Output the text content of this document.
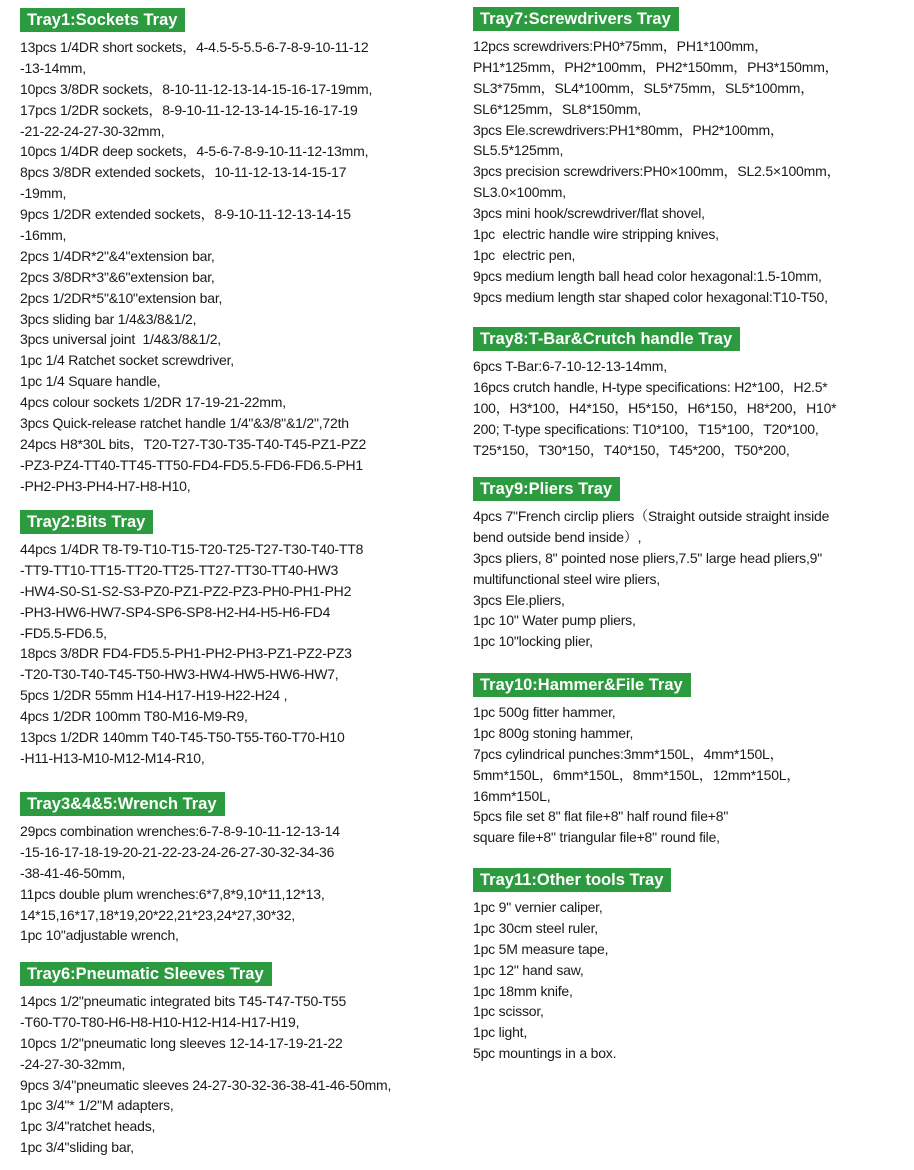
Tray1:Sockets Tray
13pcs 1/4DR short sockets，4-4.5-5-5.5-6-7-8-9-10-11-12
-13-14mm,
10pcs 3/8DR sockets，8-10-11-12-13-14-15-16-17-19mm,
17pcs 1/2DR sockets，8-9-10-11-12-13-14-15-16-17-19
-21-22-24-27-30-32mm,
10pcs 1/4DR deep sockets，4-5-6-7-8-9-10-11-12-13mm,
8pcs 3/8DR extended sockets，10-11-12-13-14-15-17
-19mm,
9pcs 1/2DR extended sockets，8-9-10-11-12-13-14-15
-16mm,
2pcs 1/4DR*2"&4"extension bar,
2pcs 3/8DR*3"&6"extension bar,
2pcs 1/2DR*5"&10"extension bar,
3pcs sliding bar 1/4&3/8&1/2,
3pcs universal joint  1/4&3/8&1/2,
1pc 1/4 Ratchet socket screwdriver,
1pc 1/4 Square handle,
4pcs colour sockets 1/2DR 17-19-21-22mm,
3pcs Quick-release ratchet handle 1/4"&3/8"&1/2",72th
24pcs H8*30L bits，T20-T27-T30-T35-T40-T45-PZ1-PZ2
-PZ3-PZ4-TT40-TT45-TT50-FD4-FD5.5-FD6-FD6.5-PH1
-PH2-PH3-PH4-H7-H8-H10,
Tray2:Bits Tray
44pcs 1/4DR T8-T9-T10-T15-T20-T25-T27-T30-T40-TT8
-TT9-TT10-TT15-TT20-TT25-TT27-TT30-TT40-HW3
-HW4-S0-S1-S2-S3-PZ0-PZ1-PZ2-PZ3-PH0-PH1-PH2
-PH3-HW6-HW7-SP4-SP6-SP8-H2-H4-H5-H6-FD4
-FD5.5-FD6.5,
18pcs 3/8DR FD4-FD5.5-PH1-PH2-PH3-PZ1-PZ2-PZ3
-T20-T30-T40-T45-T50-HW3-HW4-HW5-HW6-HW7,
5pcs 1/2DR 55mm H14-H17-H19-H22-H24 ,
4pcs 1/2DR 100mm T80-M16-M9-R9,
13pcs 1/2DR 140mm T40-T45-T50-T55-T60-T70-H10
-H11-H13-M10-M12-M14-R10,
Tray3&4&5:Wrench Tray
29pcs combination wrenches:6-7-8-9-10-11-12-13-14
-15-16-17-18-19-20-21-22-23-24-26-27-30-32-34-36
-38-41-46-50mm,
11pcs double plum wrenches:6*7,8*9,10*11,12*13,
14*15,16*17,18*19,20*22,21*23,24*27,30*32,
1pc 10"adjustable wrench,
Tray6:Pneumatic Sleeves Tray
14pcs 1/2"pneumatic integrated bits T45-T47-T50-T55
-T60-T70-T80-H6-H8-H10-H12-H14-H17-H19,
10pcs 1/2"pneumatic long sleeves 12-14-17-19-21-22
-24-27-30-32mm,
9pcs 3/4"pneumatic sleeves 24-27-30-32-36-38-41-46-50mm,
1pc 3/4"* 1/2"M adapters,
1pc 3/4"ratchet heads,
1pc 3/4"sliding bar,
Tray7:Screwdrivers Tray
12pcs screwdrivers:PH0*75mm，PH1*100mm，
PH1*125mm，PH2*100mm，PH2*150mm，PH3*150mm，
SL3*75mm，SL4*100mm，SL5*75mm，SL5*100mm，
SL6*125mm，SL8*150mm,
3pcs Ele.screwdrivers:PH1*80mm，PH2*100mm，
SL5.5*125mm,
3pcs precision screwdrivers:PH0×100mm，SL2.5×100mm，
SL3.0×100mm,
3pcs mini hook/screwdriver/flat shovel,
1pc  electric handle wire stripping knives,
1pc  electric pen,
9pcs medium length ball head color hexagonal:1.5-10mm,
9pcs medium length star shaped color hexagonal:T10-T50,
Tray8:T-Bar&Crutch handle Tray
6pcs T-Bar:6-7-10-12-13-14mm,
16pcs crutch handle, H-type specifications: H2*100，H2.5*
100，H3*100，H4*150，H5*150，H6*150，H8*200，H10*
200; T-type specifications: T10*100，T15*100，T20*100,
T25*150，T30*150，T40*150，T45*200，T50*200,
Tray9:Pliers Tray
4pcs 7"French circlip pliers（Straight outside straight inside
bend outside bend inside）,
3pcs pliers, 8" pointed nose pliers,7.5" large head pliers,9"
multifunctional steel wire pliers,
3pcs Ele.pliers,
1pc 10" Water pump pliers,
1pc 10"locking plier,
Tray10:Hammer&File Tray
1pc 500g fitter hammer,
1pc 800g stoning hammer,
7pcs cylindrical punches:3mm*150L，4mm*150L，
5mm*150L，6mm*150L，8mm*150L，12mm*150L，
16mm*150L,
5pcs file set 8" flat file+8" half round file+8"
square file+8" triangular file+8" round file,
Tray11:Other tools Tray
1pc 9" vernier caliper,
1pc 30cm steel ruler,
1pc 5M measure tape,
1pc 12" hand saw,
1pc 18mm knife,
1pc scissor,
1pc light,
5pc mountings in a box.
